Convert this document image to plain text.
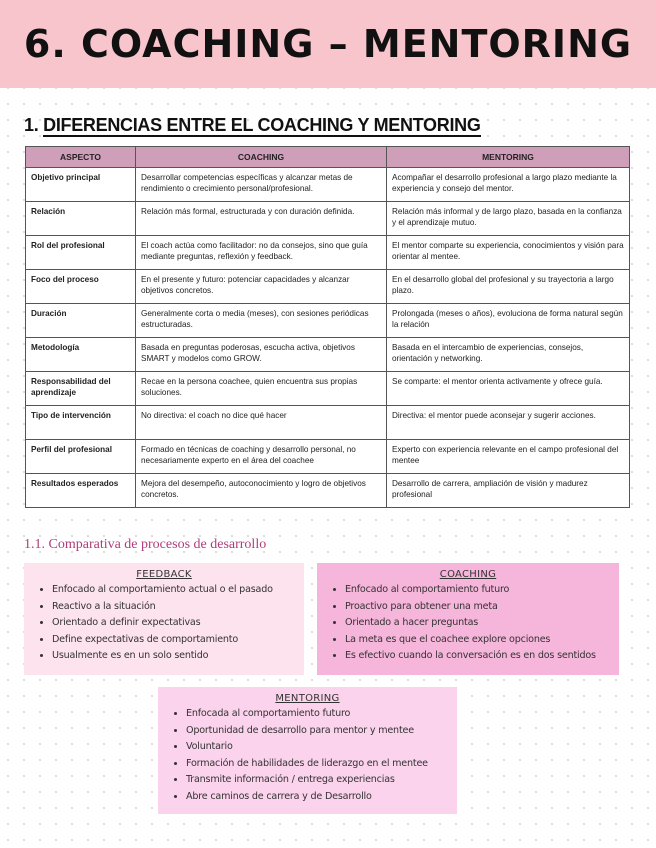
6. COACHING – MENTORING
1. DIFERENCIAS ENTRE EL COACHING Y MENTORING
ASPECTO	COACHING	MENTORING
Objetivo principal	Desarrollar competencias específicas y alcanzar metas de rendimiento o crecimiento personal/profesional.	Acompañar el desarrollo profesional a largo plazo mediante la experiencia y consejo del mentor.
Relación	Relación más formal, estructurada y con duración definida.	Relación más informal y de largo plazo, basada en la confianza y el aprendizaje mutuo.
Rol del profesional	El coach actúa como facilitador: no da consejos, sino que guía mediante preguntas, reflexión y feedback.	El mentor comparte su experiencia, conocimientos y visión para orientar al mentee.
Foco del proceso	En el presente y futuro: potenciar capacidades y alcanzar objetivos concretos.	En el desarrollo global del profesional y su trayectoria a largo plazo.
Duración	Generalmente corta o media (meses), con sesiones periódicas estructuradas.	Prolongada (meses o años), evoluciona de forma natural según la relación
Metodología	Basada en preguntas poderosas, escucha activa, objetivos SMART y modelos como GROW.	Basada en el intercambio de experiencias, consejos, orientación y networking.
Responsabilidad del aprendizaje	Recae en la persona coachee, quien encuentra sus propias soluciones.	Se comparte: el mentor orienta activamente y ofrece guía.
Tipo de intervención	No directiva: el coach no dice qué hacer	Directiva: el mentor puede aconsejar y sugerir acciones.
Perfil del profesional	Formado en técnicas de coaching y desarrollo personal, no necesariamente experto en el área del coachee	Experto con experiencia relevante en el campo profesional del mentee
Resultados esperados	Mejora del desempeño, autoconocimiento y logro de objetivos concretos.	Desarrollo de carrera, ampliación de visión y madurez profesional
1.1. Comparativa de procesos de desarrollo
FEEDBACK
• Enfocado al comportamiento actual o el pasado
• Reactivo a la situación
• Orientado a definir expectativas
• Define expectativas de comportamiento
• Usualmente es en un solo sentido
COACHING
• Enfocado al comportamiento futuro
• Proactivo para obtener una meta
• Orientado a hacer preguntas
• La meta es que el coachee explore opciones
• Es efectivo cuando la conversación es en dos sentidos
MENTORING
• Enfocada al comportamiento futuro
• Oportunidad de desarrollo para mentor y mentee
• Voluntario
• Formación de habilidades de liderazgo en el mentee
• Transmite información / entrega experiencias
• Abre caminos de carrera y de Desarrollo
